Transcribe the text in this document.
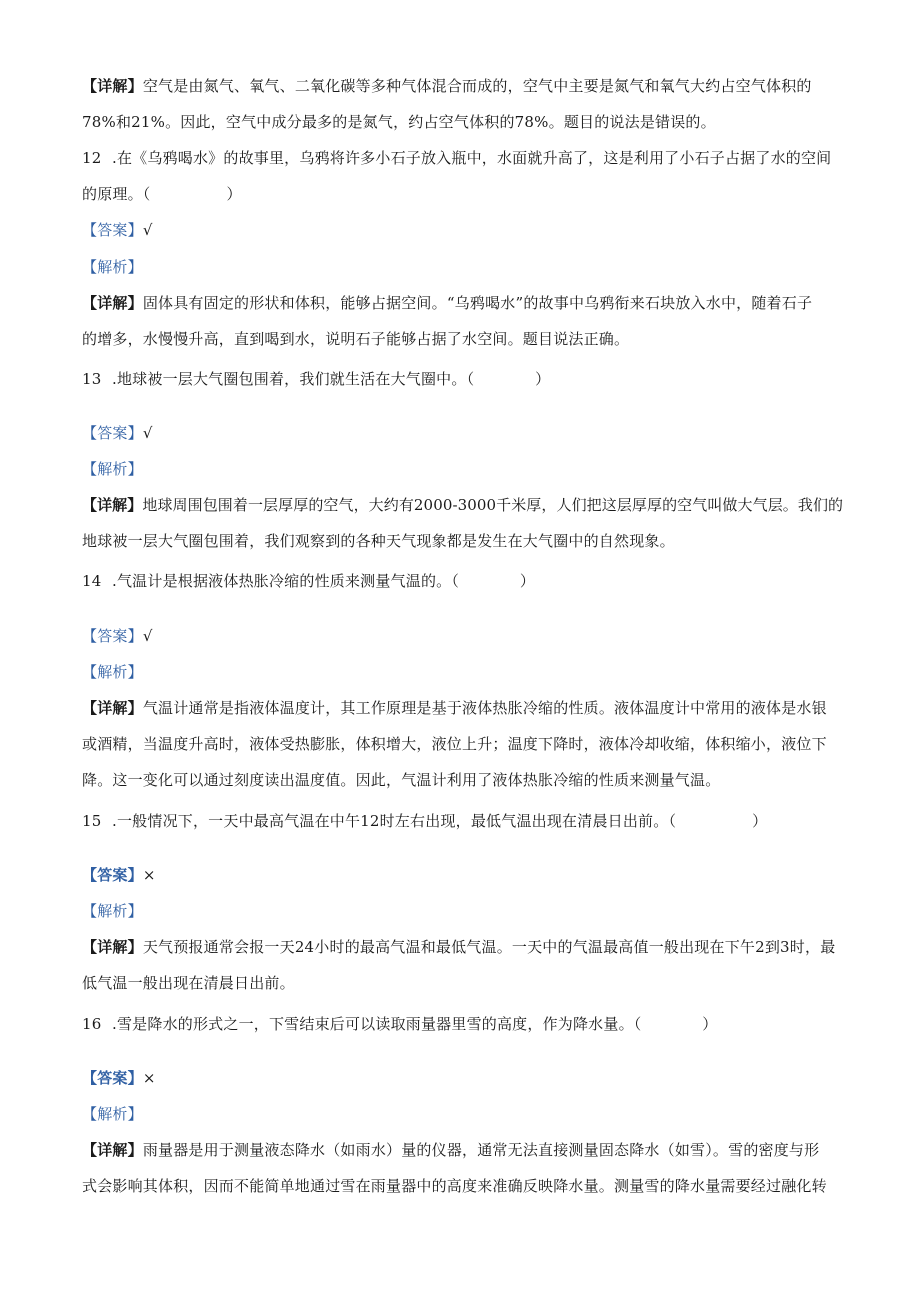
【详解】空气是由氮气、氧气、二氧化碳等多种气体混合而成的，空气中主要是氮气和氧气大约占空气体积的
78%和21%。因此，空气中成分最多的是氮气，约占空气体积的78%。题目的说法是错误的。
12 .在《乌鸦喝水》的故事里，乌鸦将许多小石子放入瓶中，水面就升高了，这是利用了小石子占据了水的空间
的原理。（　　　　　）
【答案】√
【解析】
【详解】固体具有固定的形状和体积，能够占据空间。“乌鸦喝水”的故事中乌鸦衔来石块放入水中，随着石子
的增多，水慢慢升高，直到喝到水，说明石子能够占据了水空间。题目说法正确。
13 .地球被一层大气圈包围着，我们就生活在大气圈中。（　　　　）
【答案】√
【解析】
【详解】地球周围包围着一层厚厚的空气，大约有2000-3000千米厚，人们把这层厚厚的空气叫做大气层。我们的
地球被一层大气圈包围着，我们观察到的各种天气现象都是发生在大气圈中的自然现象。
14 .气温计是根据液体热胀冷缩的性质来测量气温的。（　　　　）
【答案】√
【解析】
【详解】气温计通常是指液体温度计，其工作原理是基于液体热胀冷缩的性质。液体温度计中常用的液体是水银
或酒精，当温度升高时，液体受热膨胀，体积增大，液位上升；温度下降时，液体冷却收缩，体积缩小，液位下
降。这一变化可以通过刻度读出温度值。因此，气温计利用了液体热胀冷缩的性质来测量气温。
15 .一般情况下，一天中最高气温在中午12时左右出现，最低气温出现在清晨日出前。（　　　　　）
【答案】×
【解析】
【详解】天气预报通常会报一天24小时的最高气温和最低气温。一天中的气温最高值一般出现在下午2到3时，最
低气温一般出现在清晨日出前。
16 .雪是降水的形式之一，下雪结束后可以读取雨量器里雪的高度，作为降水量。（　　　　）
【答案】×
【解析】
【详解】雨量器是用于测量液态降水（如雨水）量的仪器，通常无法直接测量固态降水（如雪）。雪的密度与形
式会影响其体积，因而不能简单地通过雪在雨量器中的高度来准确反映降水量。测量雪的降水量需要经过融化转
